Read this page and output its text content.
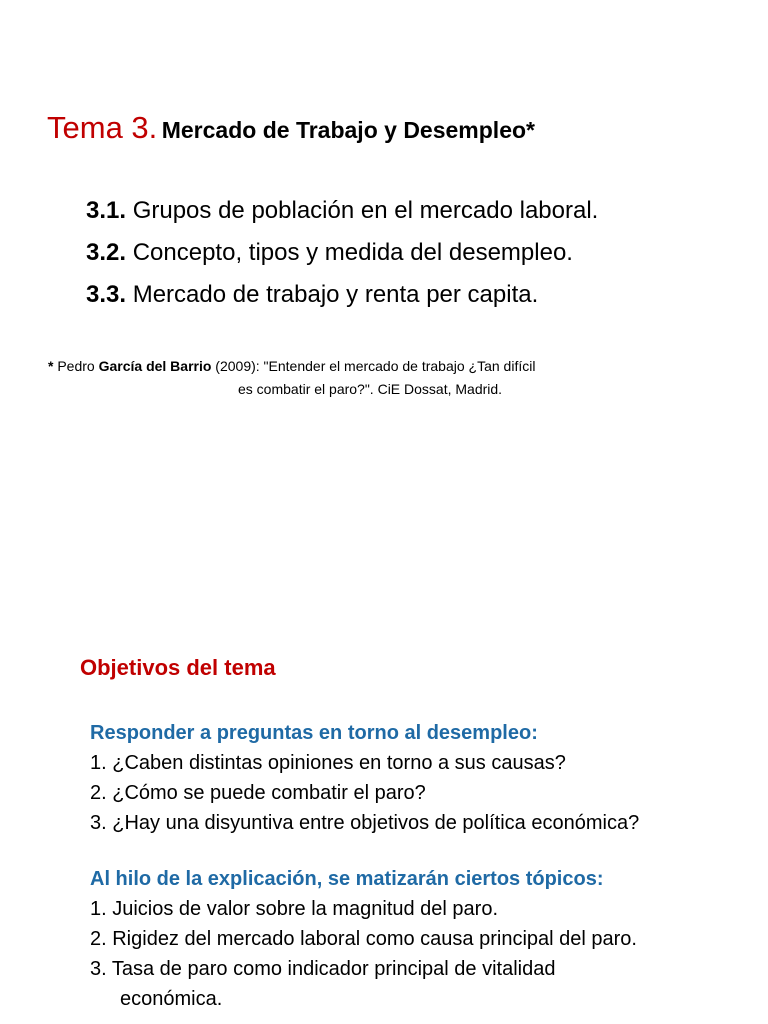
Tema 3. Mercado de Trabajo y Desempleo*
3.1. Grupos de población en el mercado laboral.
3.2. Concepto, tipos y medida del desempleo.
3.3. Mercado de trabajo y renta per capita.
* Pedro García del Barrio (2009): "Entender el mercado de trabajo ¿Tan difícil
es combatir el paro?". CiE Dossat, Madrid.
Objetivos del tema
Responder a preguntas en torno al desempleo:
1. ¿Caben distintas opiniones en torno a sus causas?
2. ¿Cómo se puede combatir el paro?
3. ¿Hay una disyuntiva entre objetivos de política económica?
Al hilo de la explicación, se matizarán ciertos tópicos:
1. Juicios de valor sobre la magnitud del paro.
2. Rigidez del mercado laboral como causa principal del paro.
3. Tasa de paro como indicador principal de vitalidad
económica.
